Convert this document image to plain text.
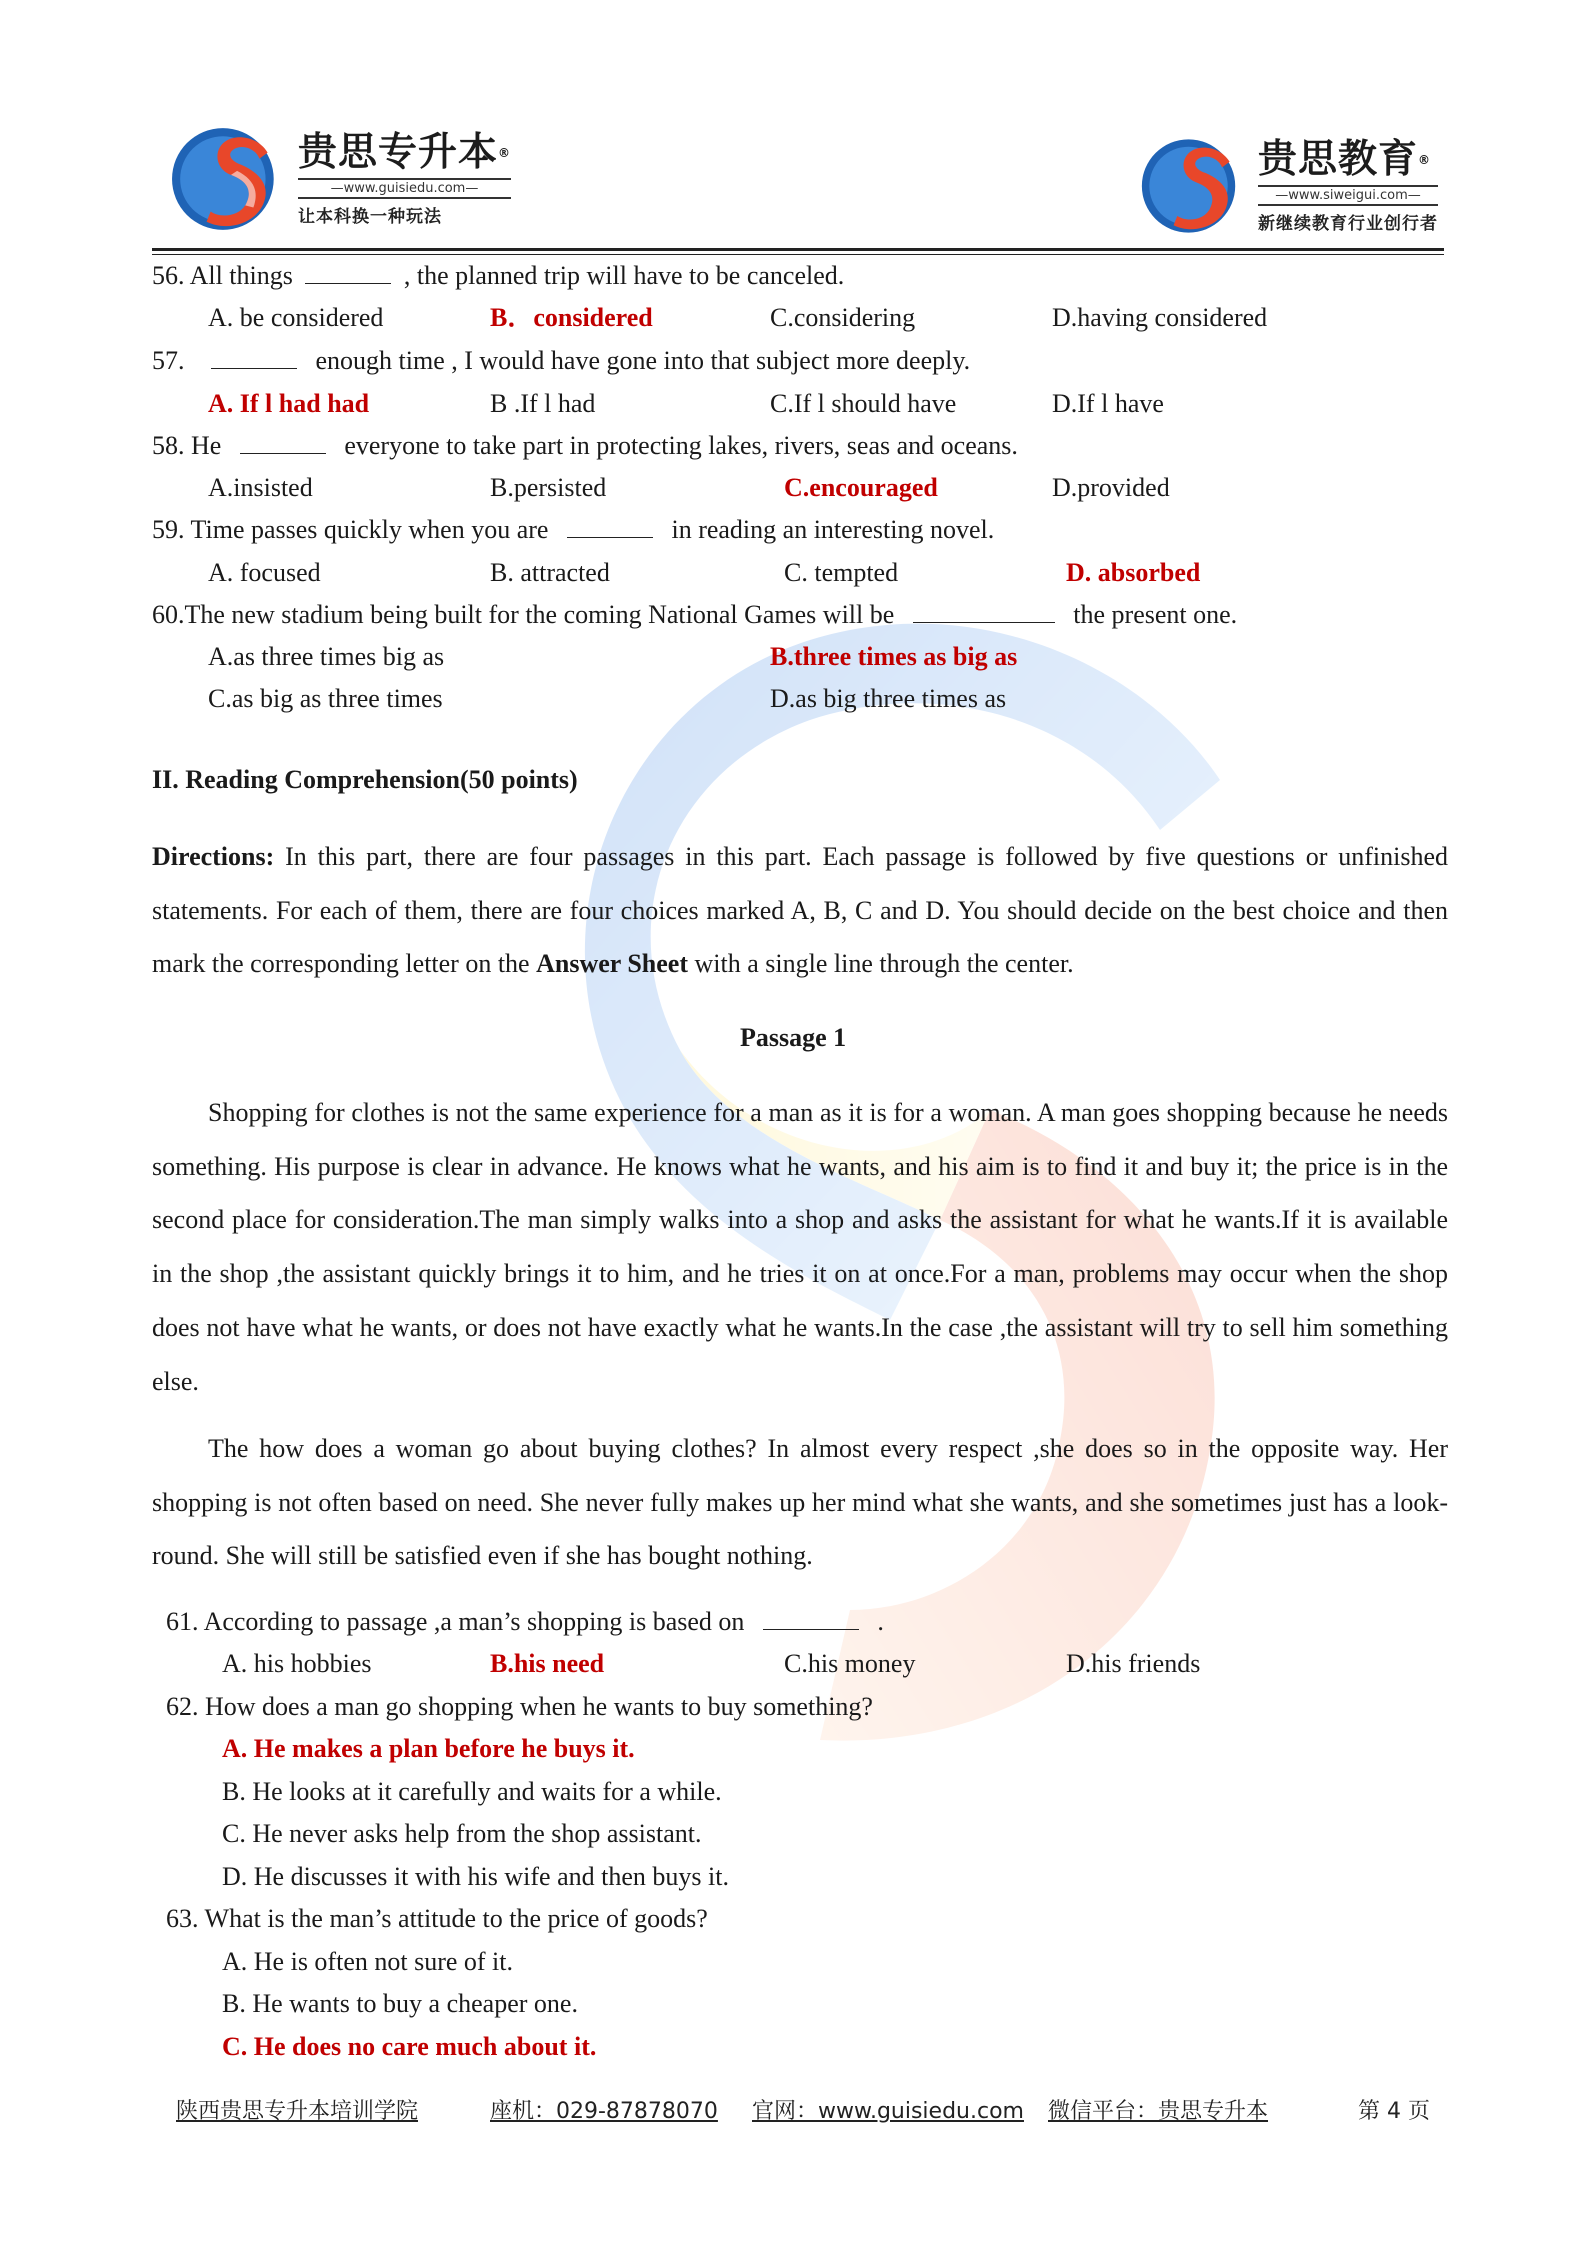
贵思专升本®
—www.guisiedu.com—
让本科换一种玩法
贵思教育®
—www.siweigui.com—
新继续教育行业创行者
56. All things	, the planned trip will have to be canceled.
A. be considered	B．considered	C.considering	D.having considered
57.	enough time , I would have gone into that subject more deeply.
A. If l had had	B .If l had	C.If l should have	D.If l have
58. He	everyone to take part in protecting lakes, rivers, seas and oceans.
A.insisted	B.persisted	C.encouraged	D.provided
59. Time passes quickly when you are	in reading an interesting novel.
A. focused	B. attracted	C. tempted	D. absorbed
60.The new stadium being built for the coming National Games will be	the present one.
A.as three times big as	B.three times as big as
C.as big as three times	D.as big three times as
II. Reading Comprehension(50 points)
Directions: In this part, there are four passages in this part. Each passage is followed by five questions or unfinished statements. For each of them, there are four choices marked A, B, C and D. You should decide on the best choice and then mark the corresponding letter on the Answer Sheet with a single line through the center.
Passage 1
Shopping for clothes is not the same experience for a man as it is for a woman. A man goes shopping because he needs something. His purpose is clear in advance. He knows what he wants, and his aim is to find it and buy it; the price is in the second place for consideration.The man simply walks into a shop and asks the assistant for what he wants.If it is available in the shop ,the assistant quickly brings it to him, and he tries it on at once.For a man, problems may occur when the shop does not have what he wants, or does not have exactly what he wants.In the case ,the assistant will try to sell him something else.
The how does a woman go about buying clothes? In almost every respect ,she does so in the opposite way. Her shopping is not often based on need. She never fully makes up her mind what she wants, and she sometimes just has a look-round. She will still be satisfied even if she has bought nothing.
61. According to passage ,a man’s shopping is based on	.
A. his hobbies	B.his need	C.his money	D.his friends
62. How does a man go shopping when he wants to buy something?
A. He makes a plan before he buys it.
B. He looks at it carefully and waits for a while.
C. He never asks help from the shop assistant.
D. He discusses it with his wife and then buys it.
63. What is the man’s attitude to the price of goods?
A. He is often not sure of it.
B. He wants to buy a cheaper one.
C. He does no care much about it.
陕西贵思专升本培训学院	座机：029-87878070 官网：www.guisiedu.com 微信平台：贵思专升本	第 4 页
